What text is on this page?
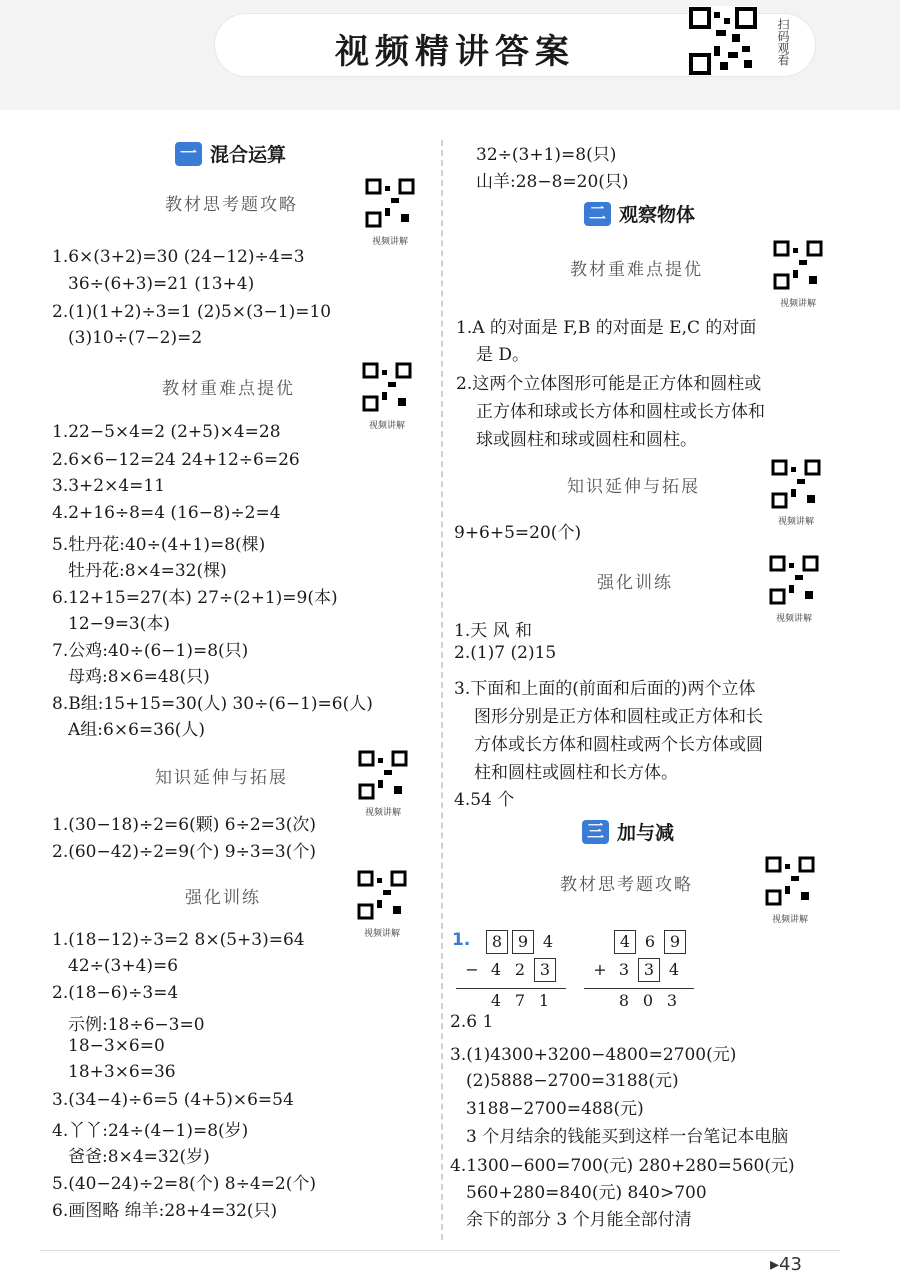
视频精讲答案	扫码观看
一 混合运算
教材思考题攻略
视频讲解
1.6×(3+2)=30 (24−12)÷4=3
36÷(6+3)=21 (13+4)
2.(1)(1+2)÷3=1 (2)5×(3−1)=10
(3)10÷(7−2)=2
教材重难点提优
视频讲解
1.22−5×4=2 (2+5)×4=28
2.6×6−12=24 24+12÷6=26
3.3+2×4=11
4.2+16÷8=4 (16−8)÷2=4
5.牡丹花:40÷(4+1)=8(棵)
牡丹花:8×4=32(棵)
6.12+15=27(本) 27÷(2+1)=9(本)
12−9=3(本)
7.公鸡:40÷(6−1)=8(只)
母鸡:8×6=48(只)
8.B组:15+15=30(人) 30÷(6−1)=6(人)
A组:6×6=36(人)
知识延伸与拓展
视频讲解
1.(30−18)÷2=6(颗) 6÷2=3(次)
2.(60−42)÷2=9(个) 9÷3=3(个)
强化训练
视频讲解
1.(18−12)÷3=2 8×(5+3)=64
42÷(3+4)=6
2.(18−6)÷3=4
示例:18÷6−3=0
18−3×6=0
18+3×6=36
3.(34−4)÷6=5 (4+5)×6=54
4.丫丫:24÷(4−1)=8(岁)
爸爸:8×4=32(岁)
5.(40−24)÷2=8(个) 8÷4=2(个)
6.画图略 绵羊:28+4=32(只)
32÷(3+1)=8(只)
山羊:28−8=20(只)
二 观察物体
教材重难点提优
视频讲解
1.A 的对面是 F,B 的对面是 E,C 的对面
是 D。
2.这两个立体图形可能是正方体和圆柱或
正方体和球或长方体和圆柱或长方体和
球或圆柱和球或圆柱和圆柱。
知识延伸与拓展
视频讲解
9+6+5=20(个)
强化训练
视频讲解
1.天 风 和
2.(1)7 (2)15
3.下面和上面的(前面和后面的)两个立体
图形分别是正方体和圆柱或正方体和长
方体或长方体和圆柱或两个长方体或圆
柱和圆柱或圆柱和长方体。
4.54 个
三 加与减
教材思考题攻略
视频讲解
1.	8 9 4
− 4 2 3
4 7 1
4 6 9
+ 3 3 4
8 0 3
2.6 1
3.(1)4300+3200−4800=2700(元)
(2)5888−2700=3188(元)
3188−2700=488(元)
3 个月结余的钱能买到这样一台笔记本电脑
4.1300−600=700(元) 280+280=560(元)
560+280=840(元) 840>700
余下的部分 3 个月能全部付清
▸43
